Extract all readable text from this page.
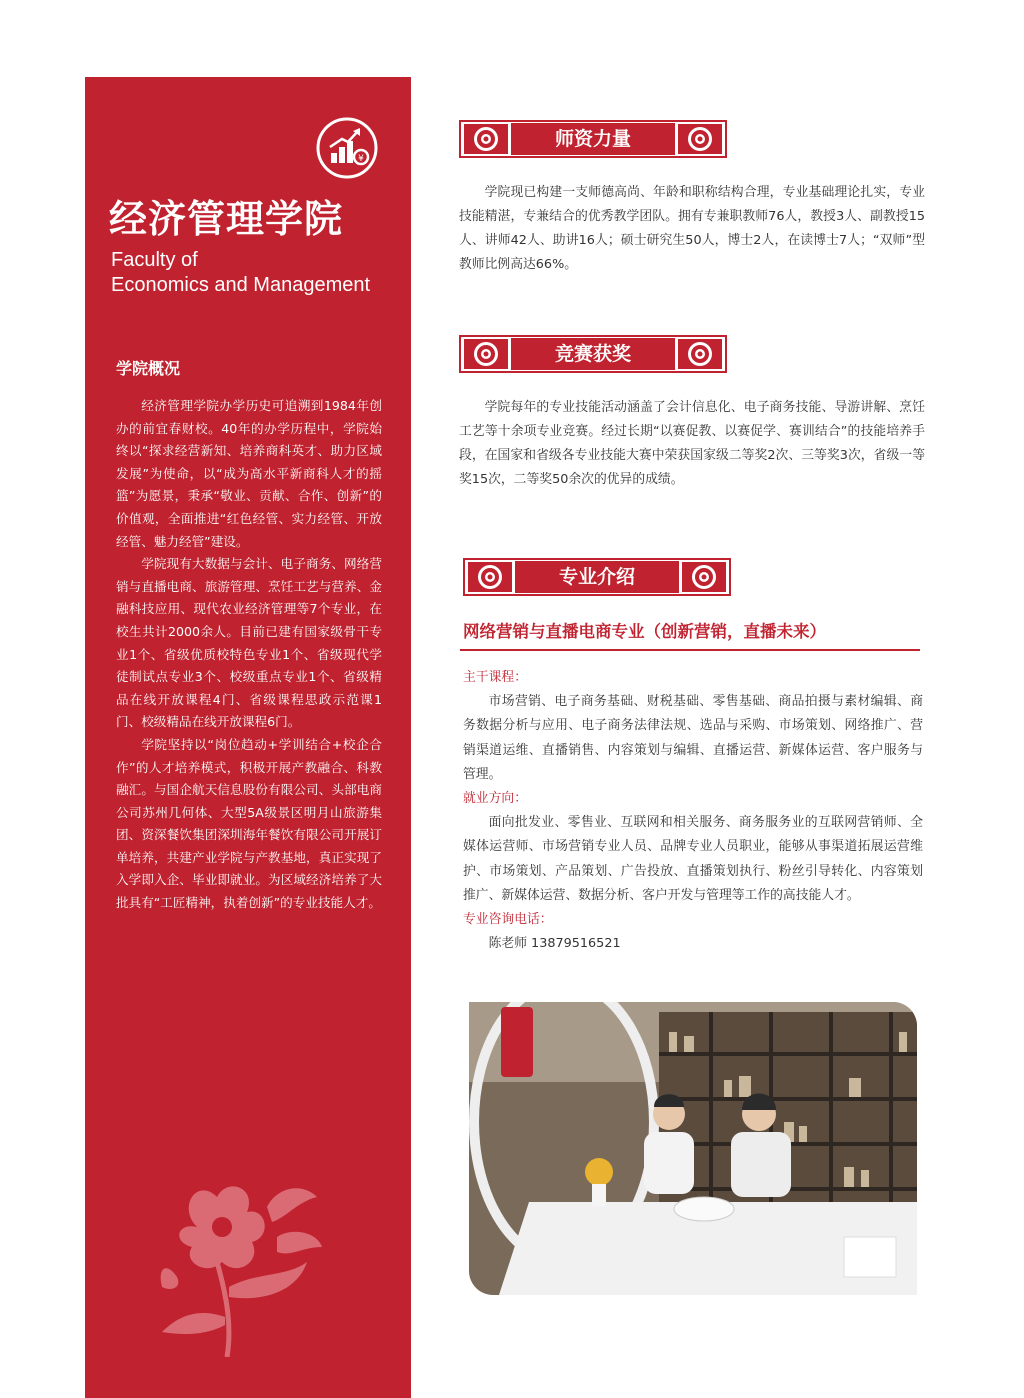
¥
经济管理学院
Faculty of
Economics and Management
学院概况

经济管理学院办学历史可追溯到1984年创办的前宜春财校。40年的办学历程中，学院始终以“探求经营新知、培养商科英才、助力区域发展”为使命，以“成为高水平新商科人才的摇篮”为愿景，秉承“敬业、贡献、合作、创新”的价值观，全面推进“红色经管、实力经管、开放经管、魅力经管”建设。

学院现有大数据与会计、电子商务、网络营销与直播电商、旅游管理、烹饪工艺与营养、金融科技应用、现代农业经济管理等7个专业，在校生共计2000余人。目前已建有国家级骨干专业1个、省级优质校特色专业1个、省级现代学徒制试点专业3个、校级重点专业1个、省级精品在线开放课程4门、省级课程思政示范课1门、校级精品在线开放课程6门。

学院坚持以“岗位趋动+学训结合+校企合作”的人才培养模式，积极开展产教融合、科教融汇。与国企航天信息股份有限公司、头部电商公司苏州几何体、大型5A级景区明月山旅游集团、资深餐饮集团深圳海年餐饮有限公司开展订单培养，共建产业学院与产教基地，真正实现了入学即入企、毕业即就业。为区域经济培养了大批具有“工匠精神，执着创新”的专业技能人才。

师资力量

学院现已构建一支师德高尚、年龄和职称结构合理，专业基础理论扎实，专业技能精湛，专兼结合的优秀教学团队。拥有专兼职教师76人，教授3人、副教授15人、讲师42人、助讲16人；硕士研究生50人，博士2人，在读博士7人；“双师”型教师比例高达66%。

竞赛获奖

学院每年的专业技能活动涵盖了会计信息化、电子商务技能、导游讲解、烹饪工艺等十余项专业竞赛。经过长期“以赛促教、以赛促学、赛训结合”的技能培养手段，在国家和省级各专业技能大赛中荣获国家级二等奖2次、三等奖3次，省级一等奖15次，二等奖50余次的优异的成绩。

专业介绍
网络营销与直播电商专业（创新营销，直播未来）
主干课程：
市场营销、电子商务基础、财税基础、零售基础、商品拍摄与素材编辑、商务数据分析与应用、电子商务法律法规、选品与采购、市场策划、网络推广、营销渠道运维、直播销售、内容策划与编辑、直播运营、新媒体运营、客户服务与管理。
就业方向：
面向批发业、零售业、互联网和相关服务、商务服务业的互联网营销师、全媒体运营师、市场营销专业人员、品牌专业人员职业，能够从事渠道拓展运营维护、市场策划、产品策划、广告投放、直播策划执行、粉丝引导转化、内容策划推广、新媒体运营、数据分析、客户开发与管理等工作的高技能人才。
专业咨询电话：
陈老师 13879516521
